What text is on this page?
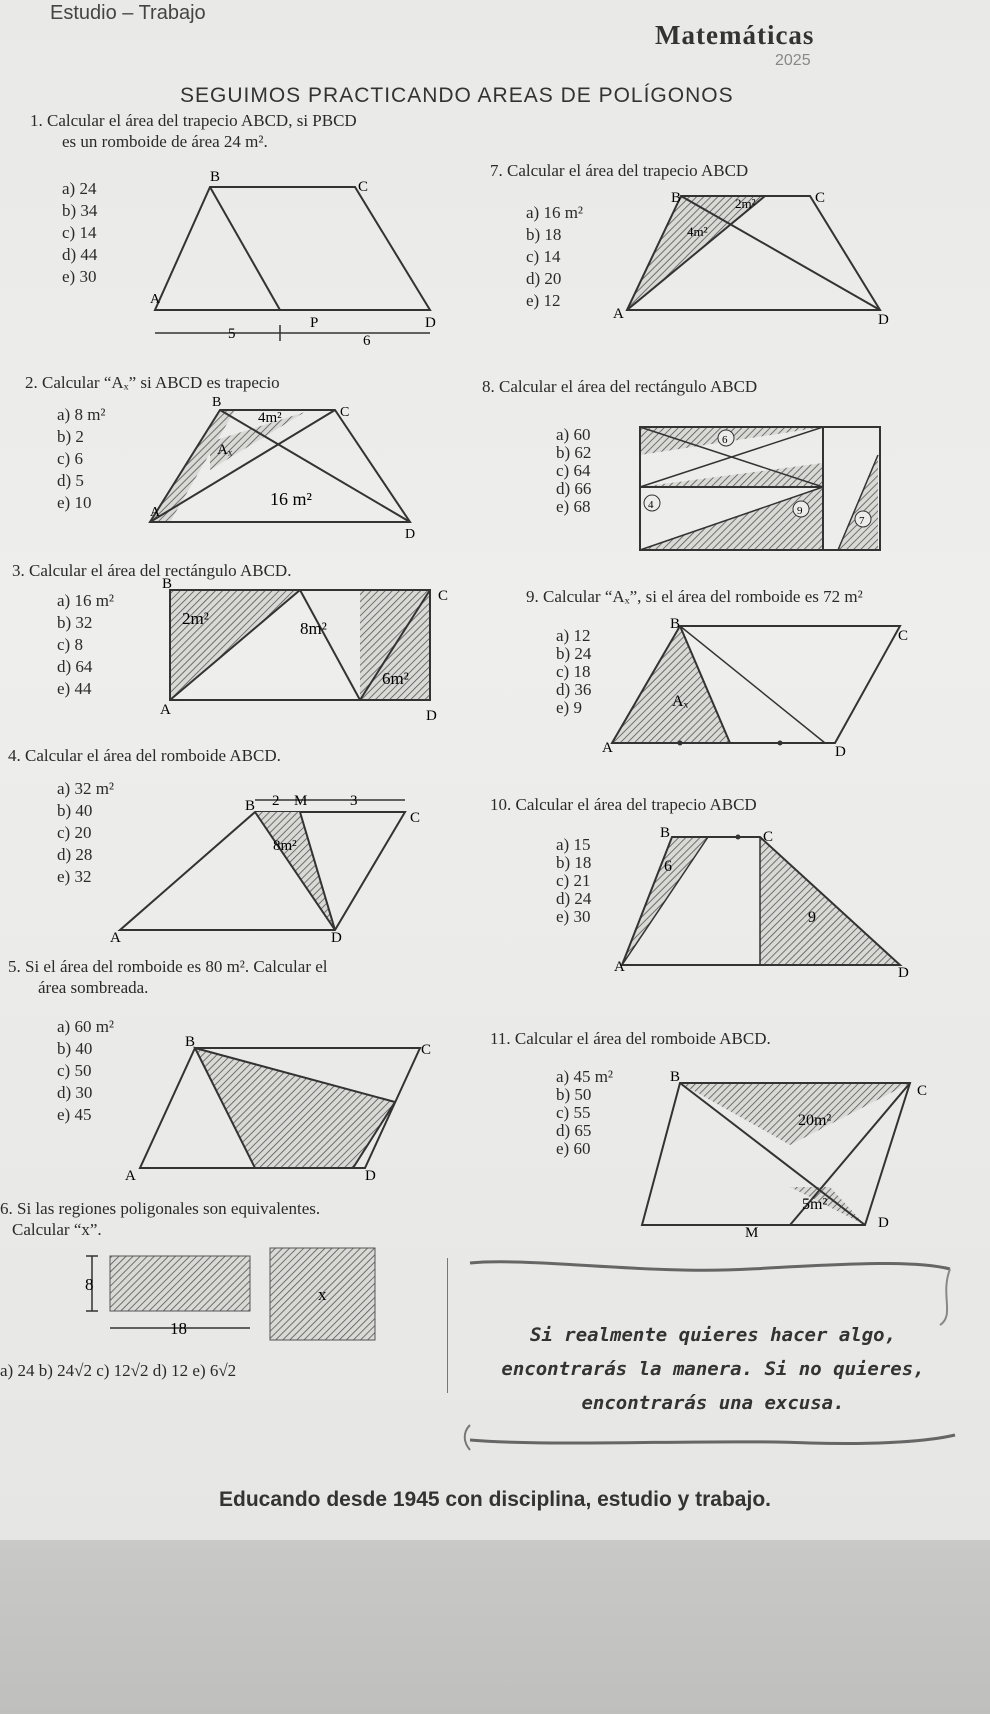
Estudio – Trabajo
Matemáticas
2025
SEGUIMOS PRACTICANDO AREAS DE POLÍGONOS
1. Calcular el área del trapecio ABCD, si PBCD
es un romboide de área 24 m².
a) 24
b) 34
c) 14
d) 44
e) 30
B
C
A
P	D
5	6
2. Calcular “Aₓ” si ABCD es trapecio
a) 8 m²
b) 2
c) 6
d) 5
e) 10
B
C
A
D
4m²
Aₓ
16 m²
3. Calcular el área del rectángulo ABCD.
a) 16 m²
b) 32
c) 8
d) 64
e) 44
B
C
A	D
2m²
8m²
6m²
4. Calcular el área del romboide ABCD.
a) 32 m²
b) 40
c) 20
d) 28
e) 32
B
C
A	D
M
2	3
8m²
5. Si el área del romboide es 80 m². Calcular el
área sombreada.
a) 60 m²
b) 40
c) 50
d) 30
e) 45
B	C
A	D
6. Si las regiones poligonales son equivalentes.
Calcular “x”.
8
18
x
a) 24 b) 24√2 c) 12√2 d) 12 e) 6√2
7. Calcular el área del trapecio ABCD
a) 16 m²
b) 18
c) 14
d) 20
e) 12
B	C
A	D
2m²
4m²
8. Calcular el área del rectángulo ABCD
a) 60
b) 62
c) 64
d) 66
e) 68
6
4	9
7
9. Calcular “Aₓ”, si el área del romboide es 72 m²
a) 12
b) 24
c) 18
d) 36
e) 9
B
C
A	D
Aₓ
10. Calcular el área del trapecio ABCD
a) 15
b) 18
c) 21
d) 24
e) 30
B	C
A	D
6
9
11. Calcular el área del romboide ABCD.
a) 45 m²
b) 50
c) 55
d) 65
e) 60
B
C
D
M
20m²
5m²
Si realmente quieres hacer algo,
encontrarás la manera. Si no quieres,
encontrarás una excusa.
Educando desde 1945 con disciplina, estudio y trabajo.
